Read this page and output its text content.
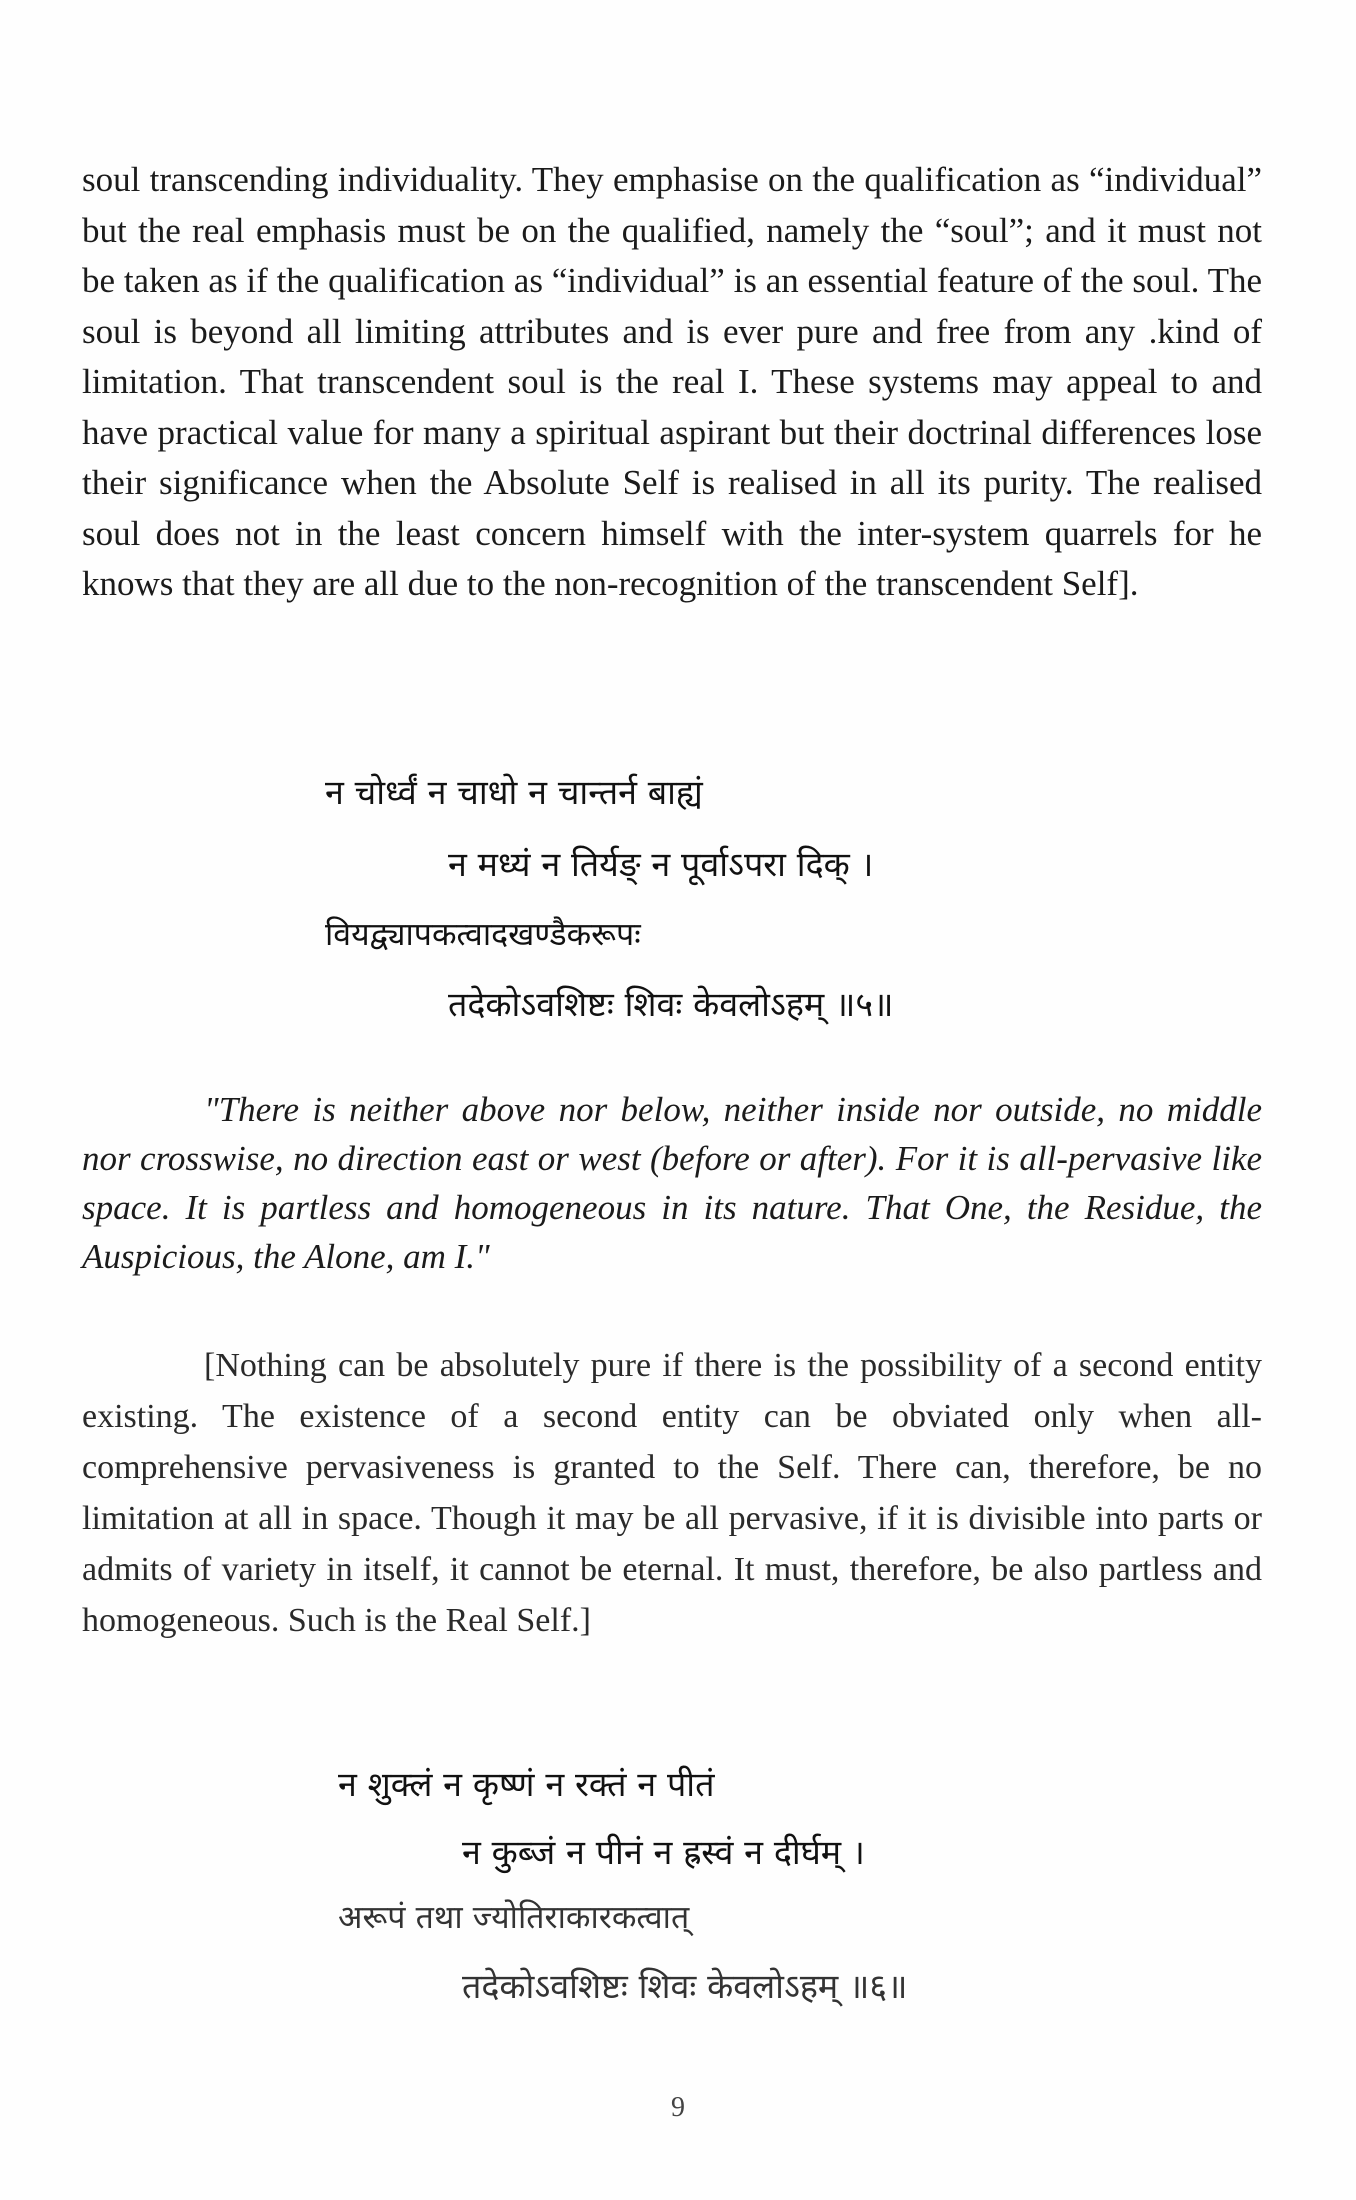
soul transcending individuality. They emphasise on the qualification as “individual” but the real emphasis must be on the qualified, namely the “soul”; and it must not be taken as if the qualification as “individual” is an essential feature of the soul. The soul is beyond all limiting attributes and is ever pure and free from any .kind of limitation. That transcendent soul is the real I. These systems may appeal to and have practical value for many a spiritual aspirant but their doctrinal differences lose their significance when the Absolute Self is realised in all its purity. The realised soul does not in the least concern himself with the inter-system quarrels for he knows that they are all due to the non-recognition of the transcendent Self].

न चोर्ध्वं न चाधो न चान्तर्न बाह्यं

न मध्यं न तिर्यङ्‌ न पूर्वाऽपरा दिक् ।

वियद्व्यापकत्वादखण्डैकरूपः

तदेकोऽवशिष्टः शिवः केवलोऽहम् ॥५॥

"There is neither above nor below, neither inside nor outside, no middle nor crosswise, no direction east or west (before or after). For it is all-pervasive like space. It is partless and homogeneous in its nature. That One, the Residue, the Auspicious, the Alone, am I."

[Nothing can be absolutely pure if there is the possibility of a second entity existing. The existence of a second entity can be obviated only when all-comprehensive pervasiveness is granted to the Self. There can, therefore, be no limitation at all in space. Though it may be all pervasive, if it is divisible into parts or admits of variety in itself, it cannot be eternal. It must, therefore, be also partless and homogeneous. Such is the Real Self.]

न शुक्लं न कृष्णं न रक्तं न पीतं

न कुब्जं न पीनं न ह्रस्वं न दीर्घम् ।

अरूपं तथा ज्योतिराकारकत्वात्

तदेकोऽवशिष्टः शिवः केवलोऽहम् ॥६॥

9
